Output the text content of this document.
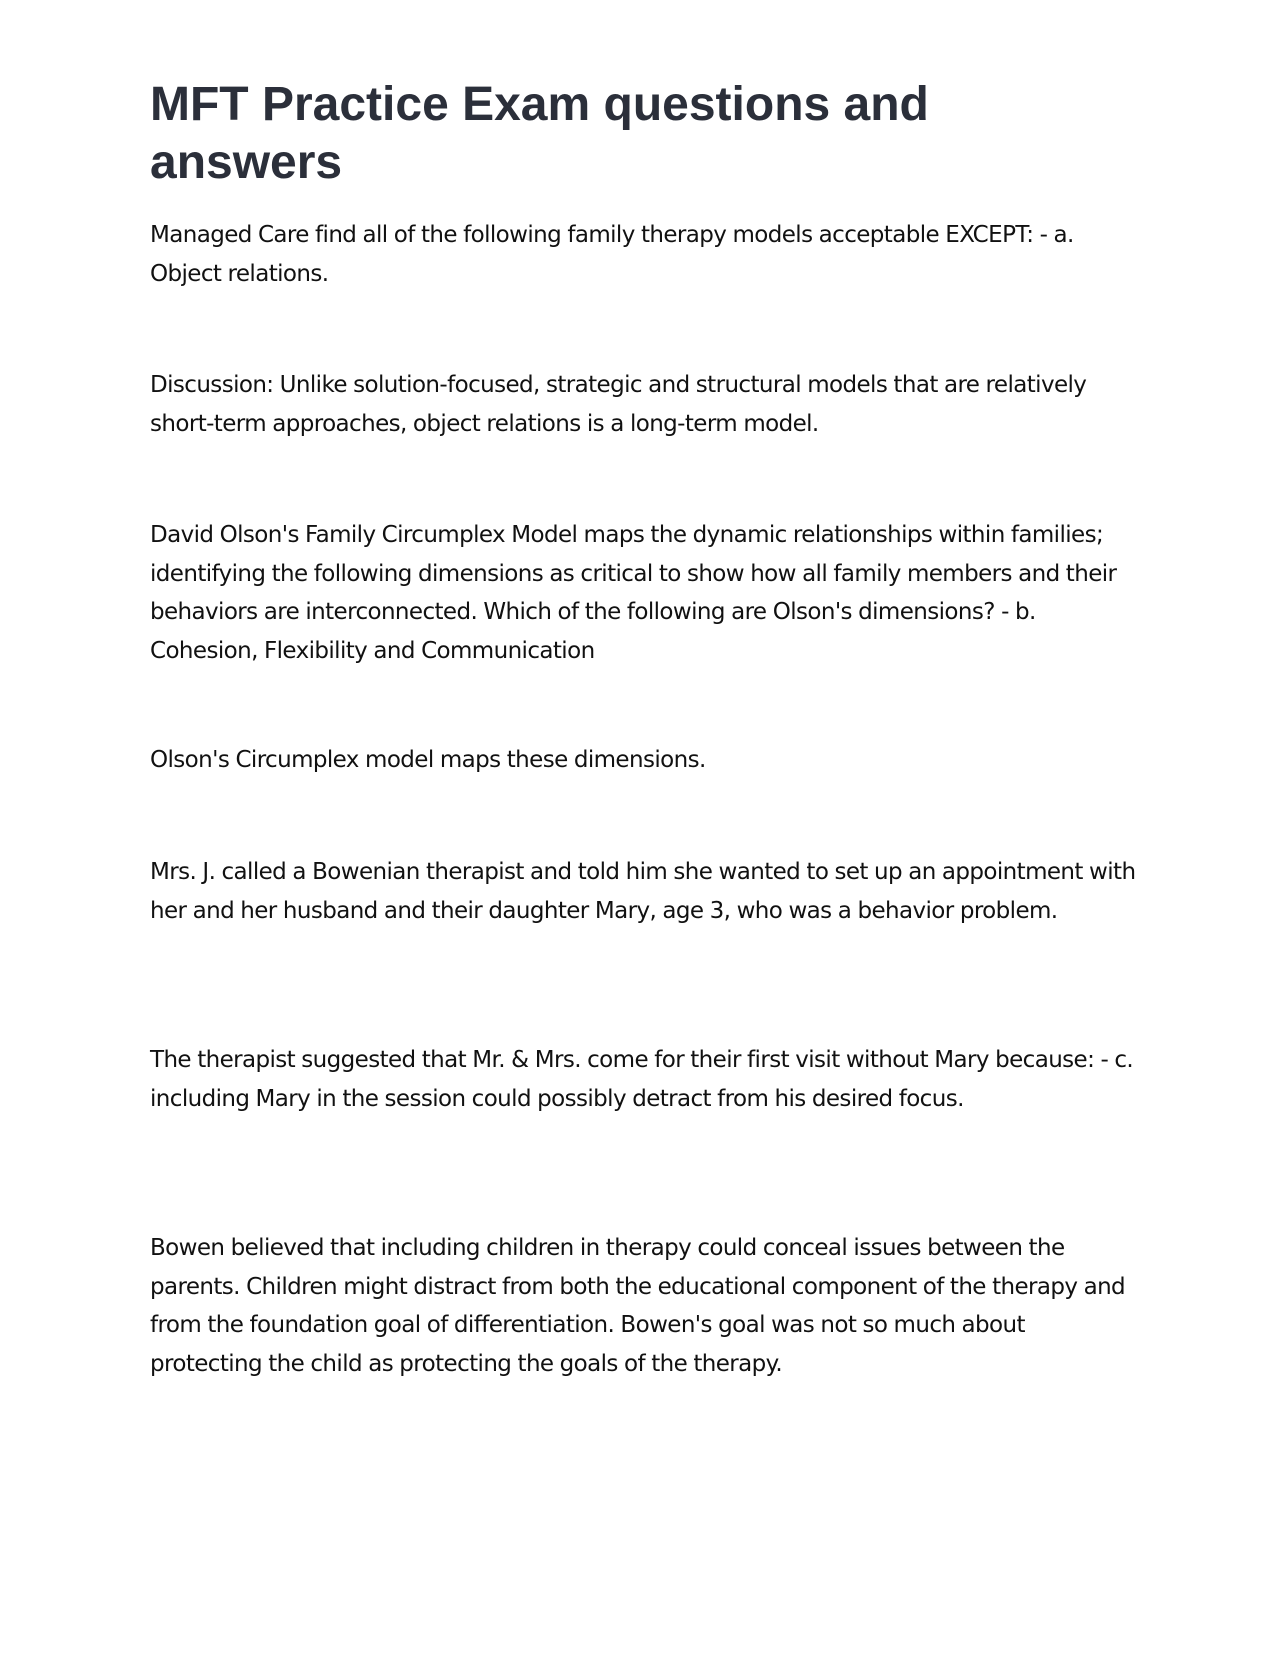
MFT Practice Exam questions and answers

Managed Care find all of the following family therapy models acceptable EXCEPT: - a. Object relations.

Discussion: Unlike solution-focused, strategic and structural models that are relatively short-term approaches, object relations is a long-term model.

David Olson's Family Circumplex Model maps the dynamic relationships within families; identifying the following dimensions as critical to show how all family members and their behaviors are interconnected. Which of the following are Olson's dimensions? - b. Cohesion, Flexibility and Communication

Olson's Circumplex model maps these dimensions.

Mrs. J. called a Bowenian therapist and told him she wanted to set up an appointment with her and her husband and their daughter Mary, age 3, who was a behavior problem.

The therapist suggested that Mr. & Mrs. come for their first visit without Mary because: - c. including Mary in the session could possibly detract from his desired focus.

Bowen believed that including children in therapy could conceal issues between the parents. Children might distract from both the educational component of the therapy and from the foundation goal of differentiation. Bowen's goal was not so much about protecting the child as protecting the goals of the therapy.
